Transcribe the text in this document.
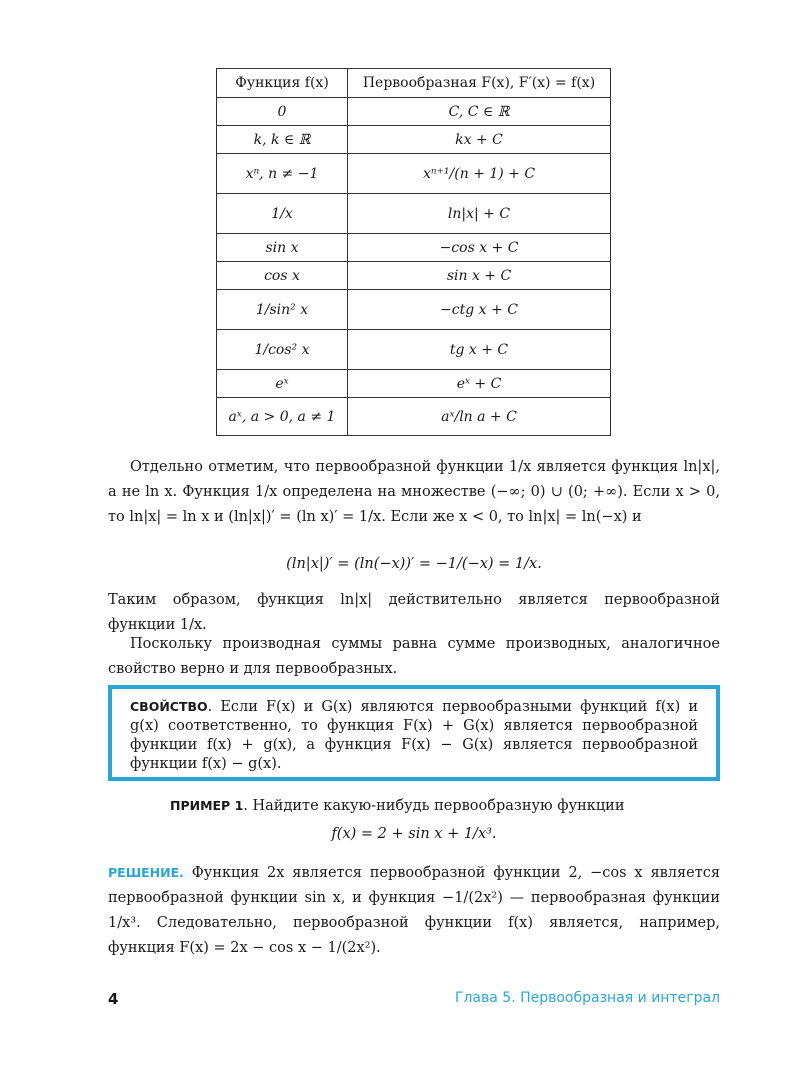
Функция f(x)	Первообразная F(x), F′(x) = f(x)
0	C, C ∈ ℝ
k, k ∈ ℝ	kx + C
xⁿ, n ≠ −1	xⁿ⁺¹/(n + 1) + C
1/x	ln|x| + C
sin x	−cos x + C
cos x	sin x + C
1/sin² x	−ctg x + C
1/cos² x	tg x + C
eˣ	eˣ + C
aˣ, a > 0, a ≠ 1	aˣ/ln a + C
Отдельно отметим, что первообразной функции 1/x является функция ln|x|, а не ln x. Функция 1/x определена на множестве (−∞; 0) ∪ (0; +∞). Если x > 0, то ln|x| = ln x и (ln|x|)′ = (ln x)′ = 1/x. Если же x < 0, то ln|x| = ln(−x) и
(ln|x|)′ = (ln(−x))′ = −1/(−x) = 1/x.
Таким образом, функция ln|x| действительно является первообразной функции 1/x.
Поскольку производная суммы равна сумме производных, аналогичное свойство верно и для первообразных.
СВОЙСТВО. Если F(x) и G(x) являются первообразными функций f(x) и g(x) соответственно, то функция F(x) + G(x) является первообразной функции f(x) + g(x), а функция F(x) − G(x) является первообразной функции f(x) − g(x).
ПРИМЕР 1. Найдите какую-нибудь первообразную функции
f(x) = 2 + sin x + 1/x³.
РЕШЕНИЕ. Функция 2x является первообразной функции 2, −cos x является первообразной функции sin x, и функция −1/(2x²) — первообразная функции 1/x³. Следовательно, первообразной функции f(x) является, например, функция F(x) = 2x − cos x − 1/(2x²).
4	Глава 5. Первообразная и интеграл
